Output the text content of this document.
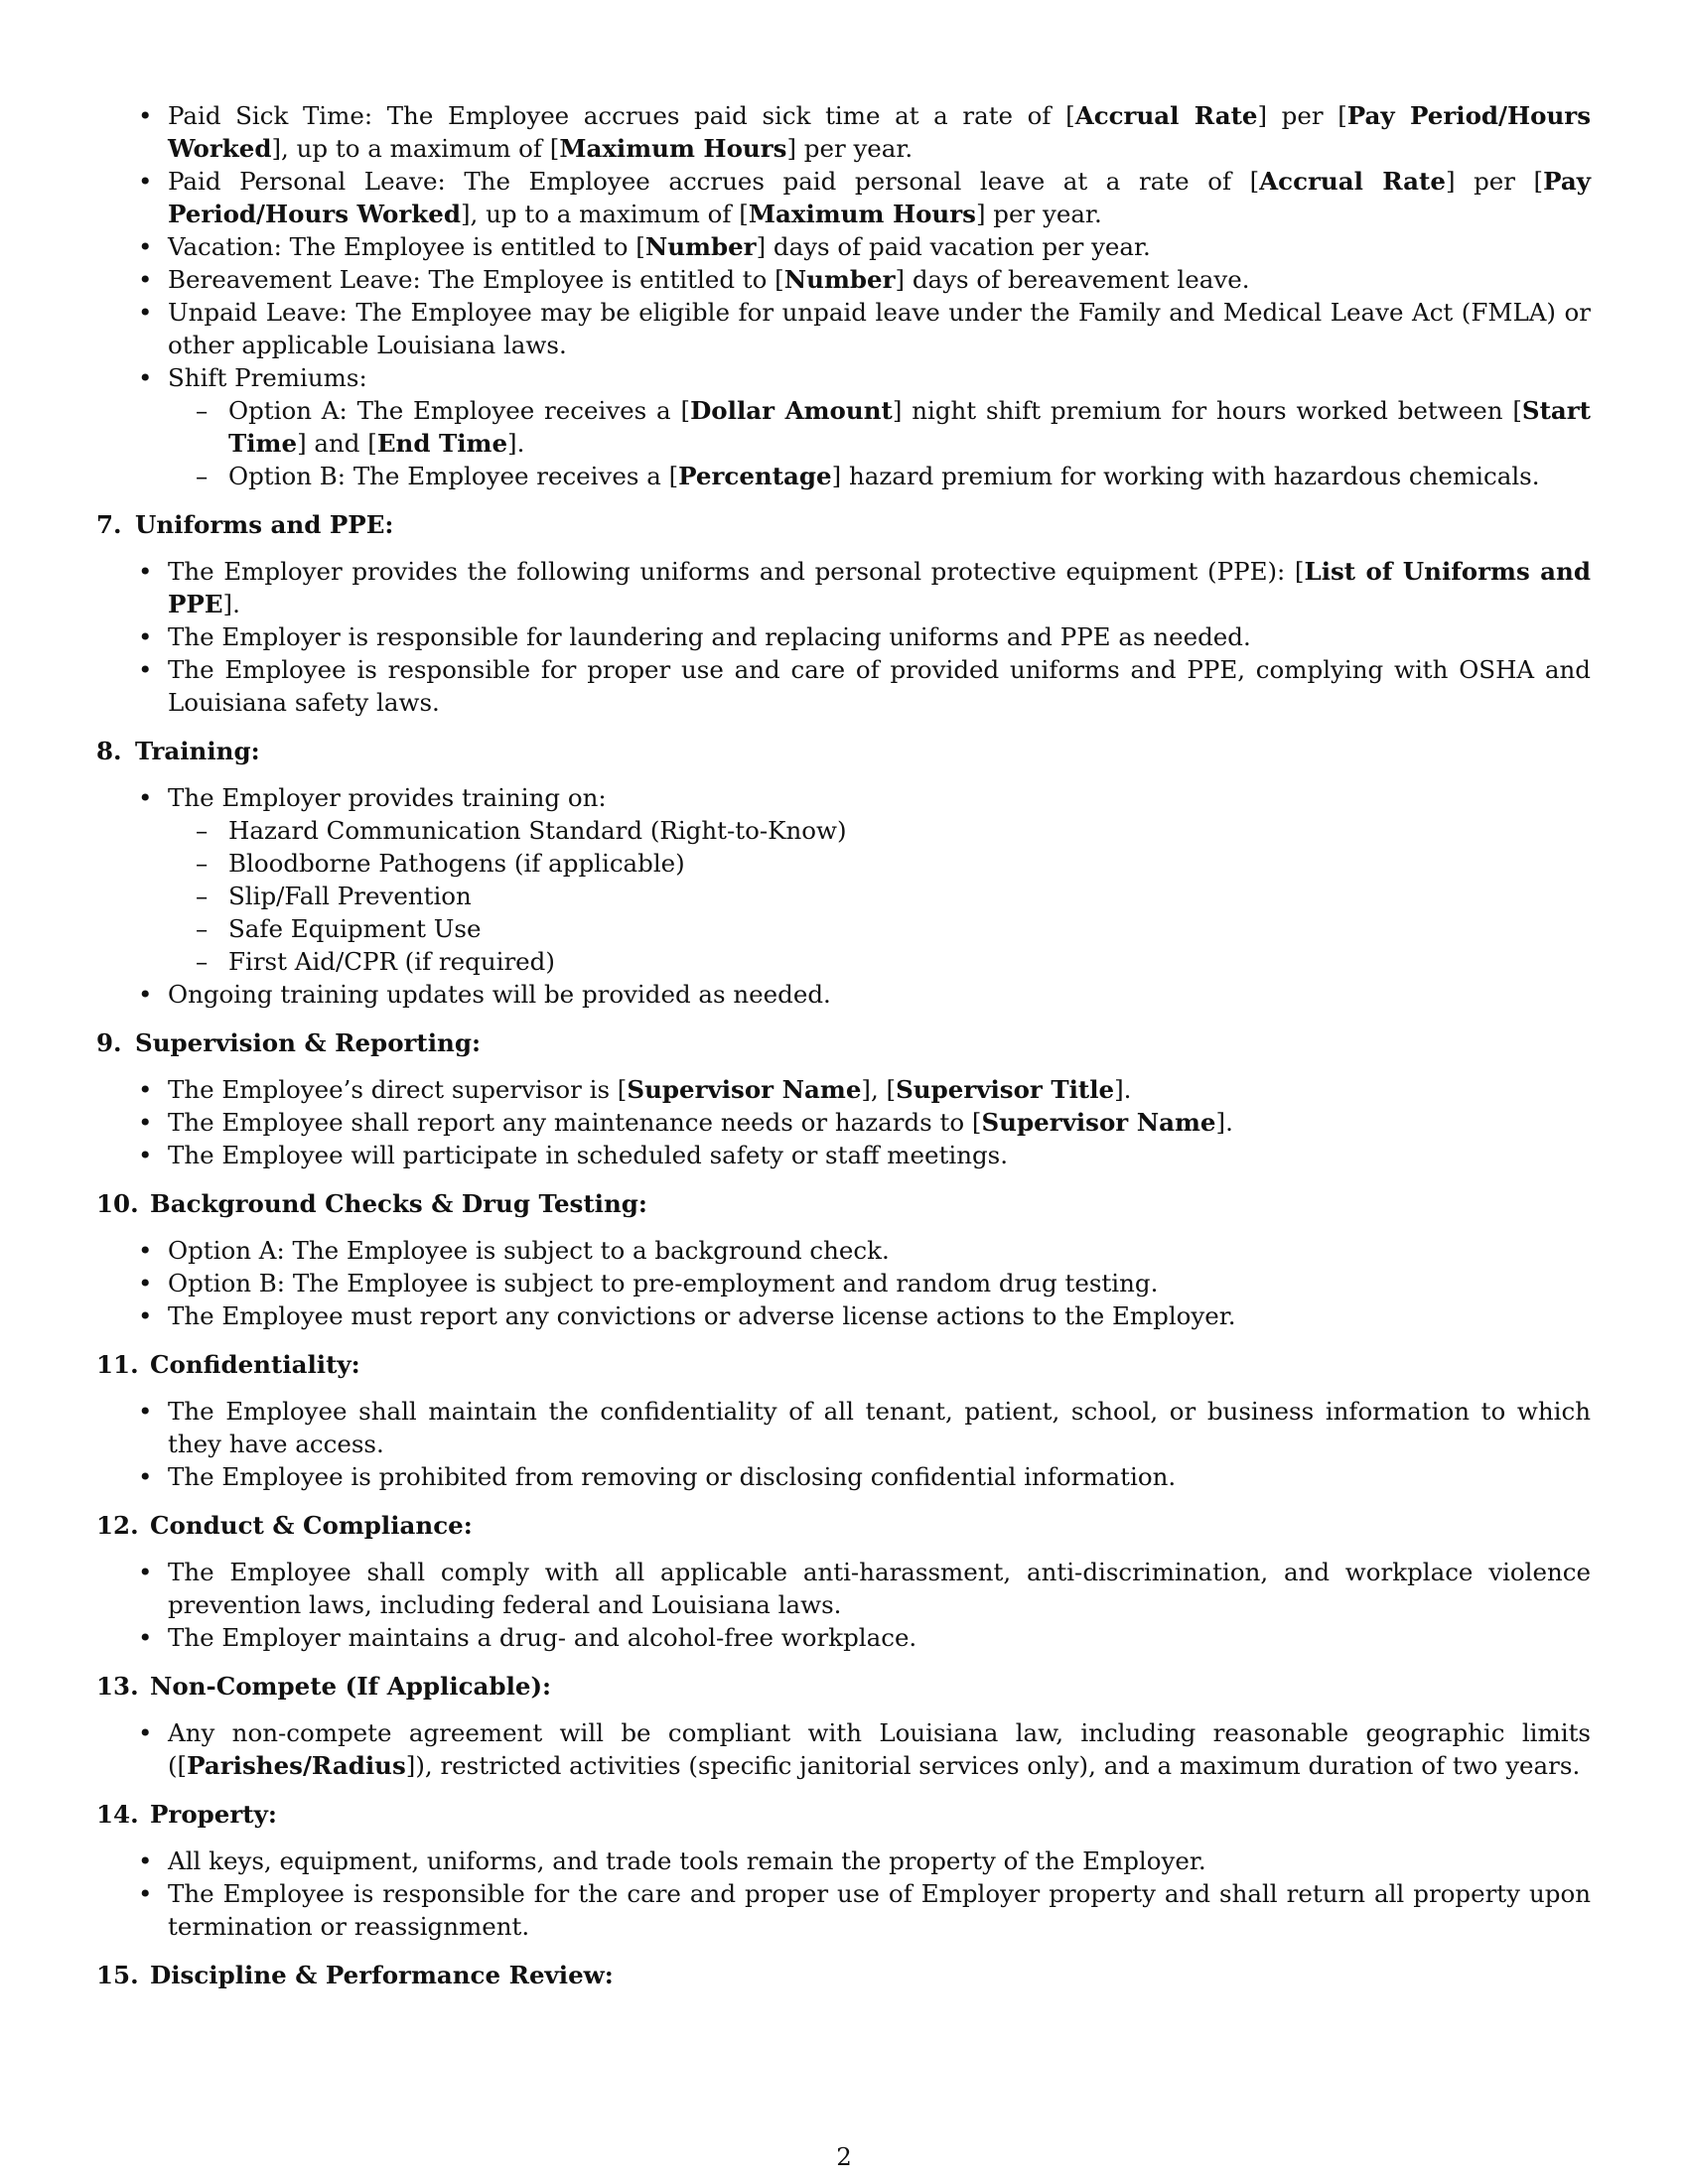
• Paid Sick Time: The Employee accrues paid sick time at a rate of [Accrual Rate] per [Pay Period/Hours Worked], up to a maximum of [Maximum Hours] per year.
• Paid Personal Leave: The Employee accrues paid personal leave at a rate of [Accrual Rate] per [Pay Period/Hours Worked], up to a maximum of [Maximum Hours] per year.
• Vacation: The Employee is entitled to [Number] days of paid vacation per year.
• Bereavement Leave: The Employee is entitled to [Number] days of bereavement leave.
• Unpaid Leave: The Employee may be eligible for unpaid leave under the Family and Medical Leave Act (FMLA) or other applicable Louisiana laws.
• Shift Premiums:
– Option A: The Employee receives a [Dollar Amount] night shift premium for hours worked between [Start Time] and [End Time].
– Option B: The Employee receives a [Percentage] hazard premium for working with hazardous chemicals.
7. Uniforms and PPE:
• The Employer provides the following uniforms and personal protective equipment (PPE): [List of Uniforms and PPE].
• The Employer is responsible for laundering and replacing uniforms and PPE as needed.
• The Employee is responsible for proper use and care of provided uniforms and PPE, complying with OSHA and Louisiana safety laws.
8. Training:
• The Employer provides training on:
– Hazard Communication Standard (Right-to-Know)
– Bloodborne Pathogens (if applicable)
– Slip/Fall Prevention
– Safe Equipment Use
– First Aid/CPR (if required)
• Ongoing training updates will be provided as needed.
9. Supervision & Reporting:
• The Employee’s direct supervisor is [Supervisor Name], [Supervisor Title].
• The Employee shall report any maintenance needs or hazards to [Supervisor Name].
• The Employee will participate in scheduled safety or staff meetings.
10. Background Checks & Drug Testing:
• Option A: The Employee is subject to a background check.
• Option B: The Employee is subject to pre-employment and random drug testing.
• The Employee must report any convictions or adverse license actions to the Employer.
11. Confidentiality:
• The Employee shall maintain the confidentiality of all tenant, patient, school, or business information to which they have access.
• The Employee is prohibited from removing or disclosing confidential information.
12. Conduct & Compliance:
• The Employee shall comply with all applicable anti-harassment, anti-discrimination, and workplace violence prevention laws, including federal and Louisiana laws.
• The Employer maintains a drug- and alcohol-free workplace.
13. Non-Compete (If Applicable):
• Any non-compete agreement will be compliant with Louisiana law, including reasonable geographic limits ([Parishes/Radius]), restricted activities (specific janitorial services only), and a maximum duration of two years.
14. Property:
• All keys, equipment, uniforms, and trade tools remain the property of the Employer.
• The Employee is responsible for the care and proper use of Employer property and shall return all property upon termination or reassignment.
15. Discipline & Performance Review:
2
